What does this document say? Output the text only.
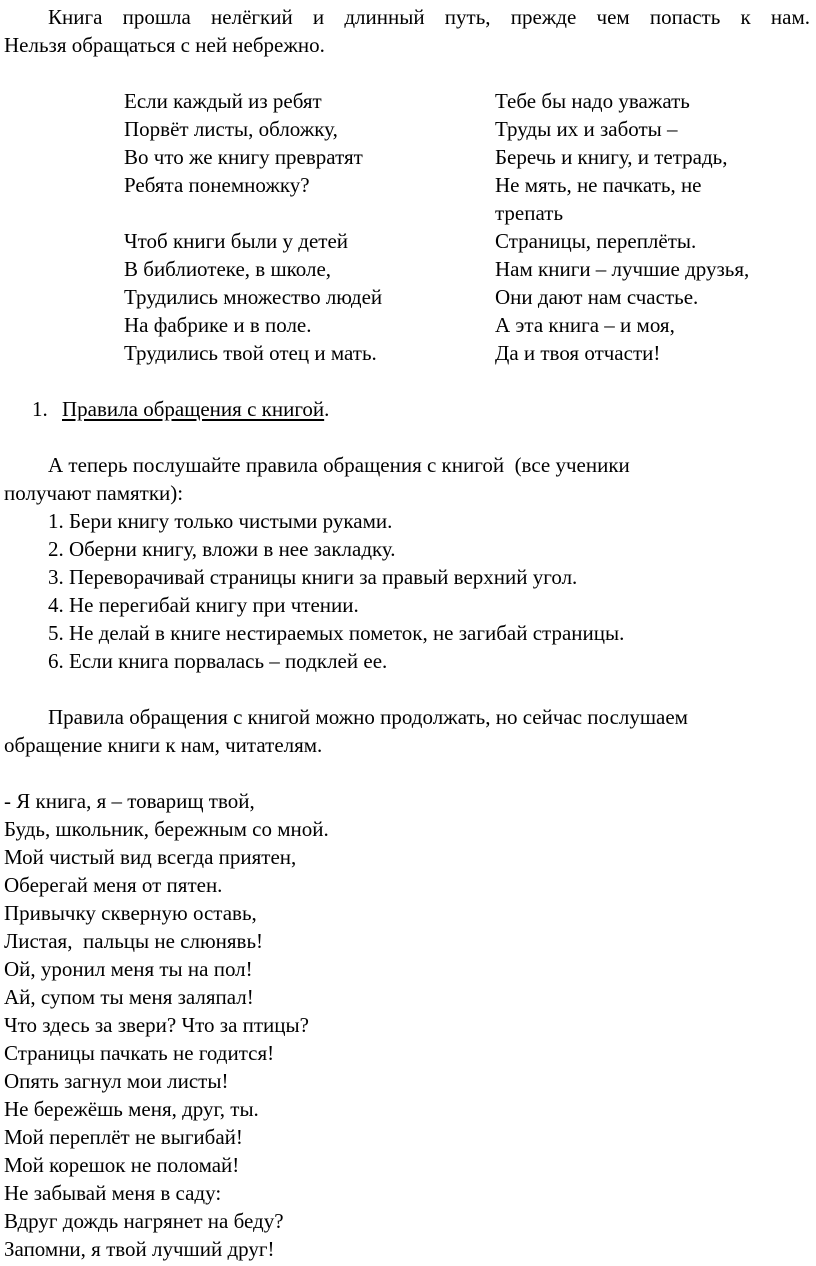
Книга прошла нелёгкий и длинный путь, прежде чем попасть к нам.
Нельзя обращаться с ней небрежно.
Если каждый из ребят
Порвёт листы, обложку,
Во что же книгу превратят
Ребята понемножку?
Чтоб книги были у детей
В библиотеке, в школе,
Трудились множество людей
На фабрике и в поле.
Трудились твой отец и мать.
Тебе бы надо уважать
Труды их и заботы –
Беречь и книгу, и тетрадь,
Не мять, не пачкать, не
трепать
Страницы, переплёты.
Нам книги – лучшие друзья,
Они дают нам счастье.
А эта книга – и моя,
Да и твоя отчасти!
1. Правила обращения с книгой.
А теперь послушайте правила обращения с книгой  (все ученики
получают памятки):
1. Бери книгу только чистыми руками.
2. Оберни книгу, вложи в нее закладку.
3. Переворачивай страницы книги за правый верхний угол.
4. Не перегибай книгу при чтении.
5. Не делай в книге нестираемых пометок, не загибай страницы.
6. Если книга порвалась – подклей ее.
Правила обращения с книгой можно продолжать, но сейчас послушаем
обращение книги к нам, читателям.
- Я книга, я – товарищ твой,
Будь, школьник, бережным со мной.
Мой чистый вид всегда приятен,
Оберегай меня от пятен.
Привычку скверную оставь,
Листая,  пальцы не слюнявь!
Ой, уронил меня ты на пол!
Ай, супом ты меня заляпал!
Что здесь за звери? Что за птицы?
Страницы пачкать не годится!
Опять загнул мои листы!
Не бережёшь меня, друг, ты.
Мой переплёт не выгибай!
Мой корешок не поломай!
Не забывай меня в саду:
Вдруг дождь нагрянет на беду?
Запомни, я твой лучший друг!
